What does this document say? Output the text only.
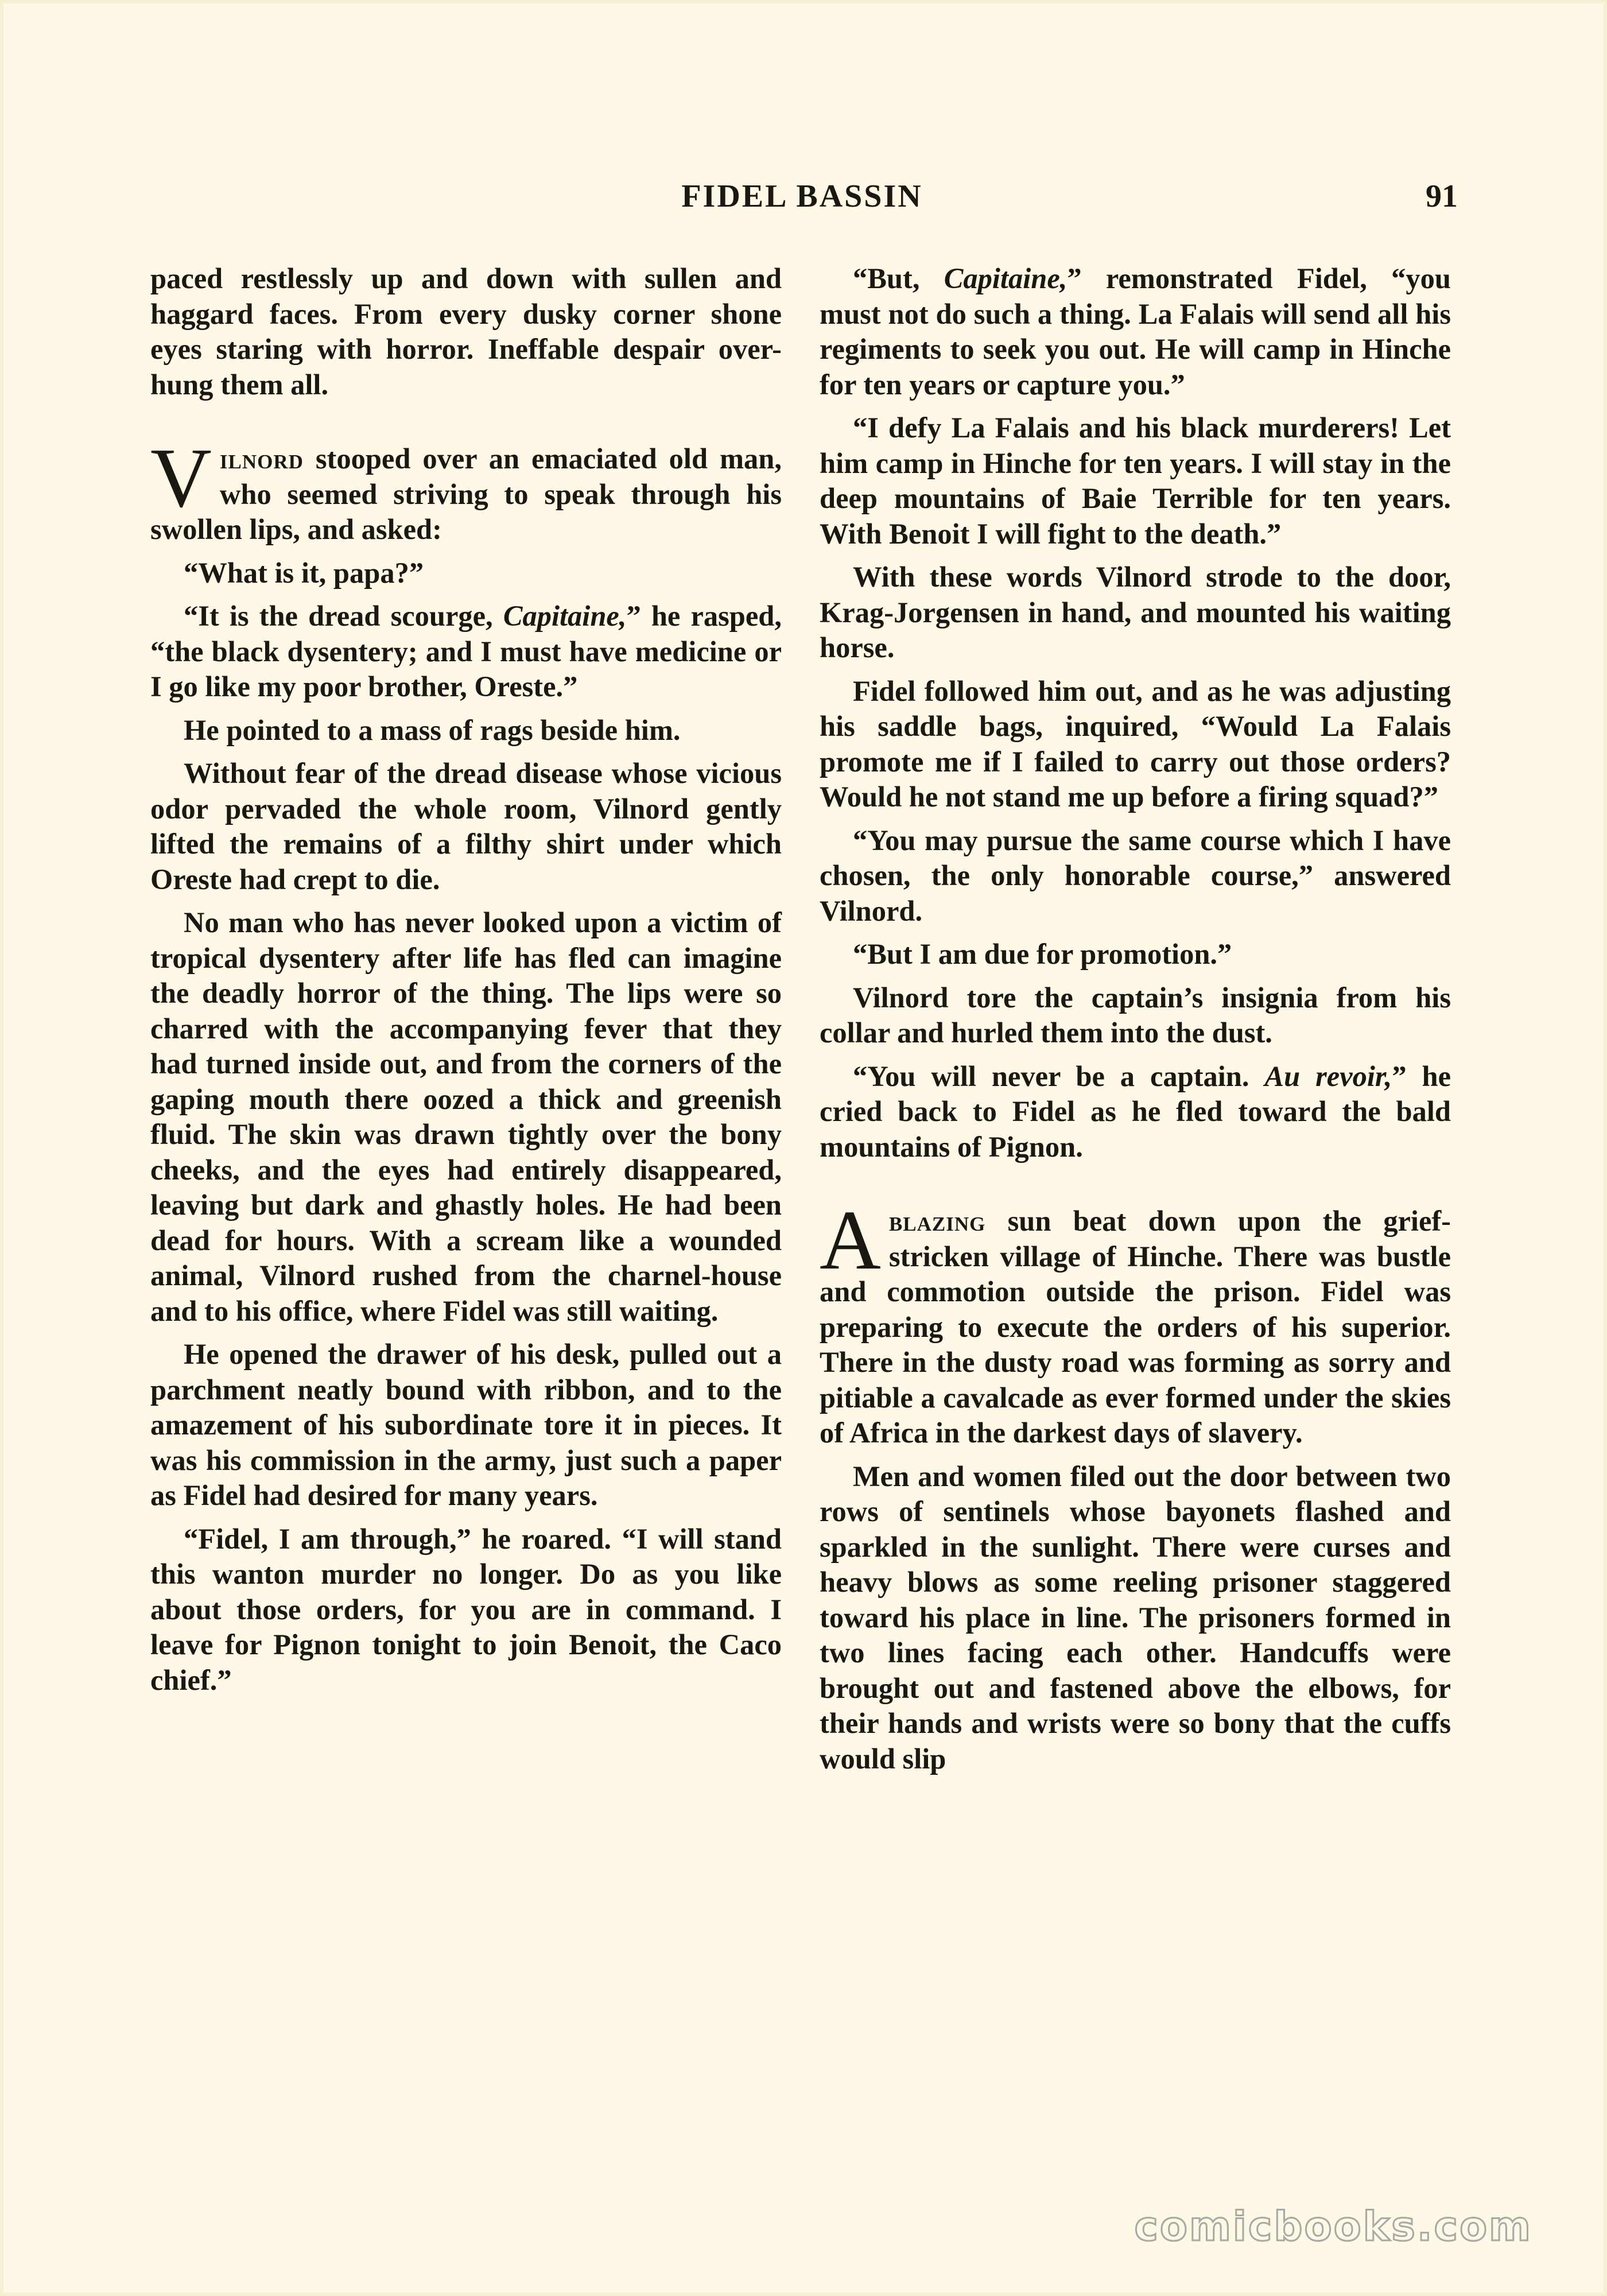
FIDEL BASSIN	91

paced restlessly up and down with sullen and haggard faces. From every dusky corner shone eyes staring with horror. Ineffable despair over-hung them all.

Vilnord stooped over an emaciated old man, who seemed striving to speak through his swollen lips, and asked:

“What is it, papa?”

“It is the dread scourge, Capitaine,” he rasped, “the black dysentery; and I must have medicine or I go like my poor brother, Oreste.”

He pointed to a mass of rags beside him.

Without fear of the dread disease whose vicious odor pervaded the whole room, Vilnord gently lifted the remains of a filthy shirt under which Oreste had crept to die.

No man who has never looked upon a victim of tropical dysentery after life has fled can imagine the deadly horror of the thing. The lips were so charred with the accompanying fever that they had turned inside out, and from the corners of the gaping mouth there oozed a thick and greenish fluid. The skin was drawn tightly over the bony cheeks, and the eyes had entirely disappeared, leaving but dark and ghastly holes. He had been dead for hours. With a scream like a wounded animal, Vilnord rushed from the charnel-house and to his office, where Fidel was still waiting.

He opened the drawer of his desk, pulled out a parchment neatly bound with ribbon, and to the amazement of his subordinate tore it in pieces. It was his commission in the army, just such a paper as Fidel had desired for many years.

“Fidel, I am through,” he roared. “I will stand this wanton murder no longer. Do as you like about those orders, for you are in command. I leave for Pignon tonight to join Benoit, the Caco chief.”

“But, Capitaine,” remonstrated Fidel, “you must not do such a thing. La Falais will send all his regiments to seek you out. He will camp in Hinche for ten years or capture you.”

“I defy La Falais and his black murderers! Let him camp in Hinche for ten years. I will stay in the deep mountains of Baie Terrible for ten years. With Benoit I will fight to the death.”

With these words Vilnord strode to the door, Krag-Jorgensen in hand, and mounted his waiting horse.

Fidel followed him out, and as he was adjusting his saddle bags, inquired, “Would La Falais promote me if I failed to carry out those orders? Would he not stand me up before a firing squad?”

“You may pursue the same course which I have chosen, the only honorable course,” answered Vilnord.

“But I am due for promotion.”

Vilnord tore the captain’s insignia from his collar and hurled them into the dust.

“You will never be a captain. Au revoir,” he cried back to Fidel as he fled toward the bald mountains of Pignon.

Ablazing sun beat down upon the grief-stricken village of Hinche. There was bustle and commotion outside the prison. Fidel was preparing to execute the orders of his superior. There in the dusty road was forming as sorry and pitiable a cavalcade as ever formed under the skies of Africa in the darkest days of slavery.

Men and women filed out the door between two rows of sentinels whose bayonets flashed and sparkled in the sunlight. There were curses and heavy blows as some reeling prisoner staggered toward his place in line. The prisoners formed in two lines facing each other. Handcuffs were brought out and fastened above the elbows, for their hands and wrists were so bony that the cuffs would slip

comicbooks.com
